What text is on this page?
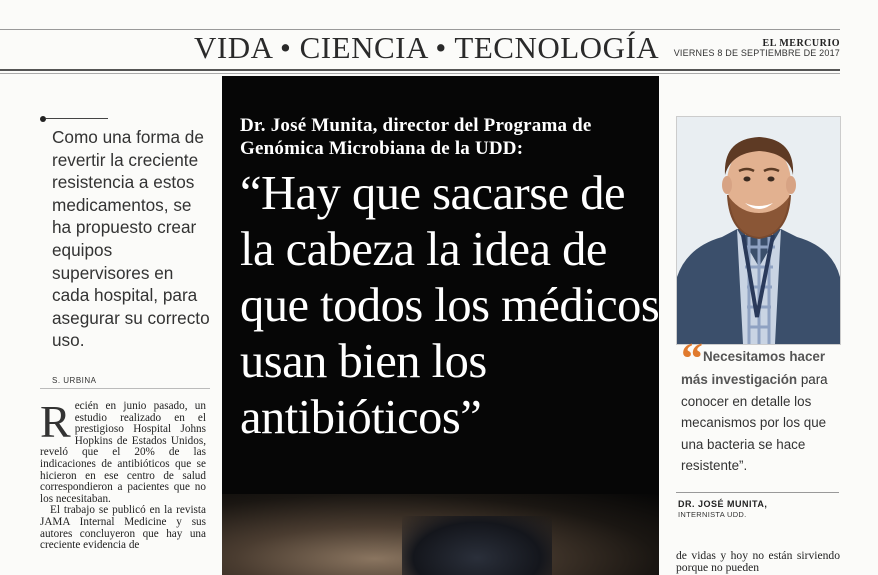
VIDA • CIENCIA • TECNOLOGÍA	EL MERCURIO
VIERNES 8 DE SEPTIEMBRE DE 2017
Como una forma de revertir la creciente resistencia a estos medicamentos, se ha propuesto crear equipos supervisores en cada hospital, para asegurar su correcto uso.
S. URBINA

Recién en junio pasado, un estudio realizado en el prestigioso Hospital Johns Hopkins de Estados Unidos, reveló que el 20% de las indicaciones de antibióticos que se hicieron en ese centro de salud correspondieron a pacientes que no los necesitaban.

El trabajo se publicó en la revista JAMA Internal Medicine y sus autores concluyeron que hay una creciente evidencia de

Dr. José Munita, director del Programa de Genómica Microbiana de la UDD:
“Hay que sacarse de la cabeza la idea de que todos los médicos usan bien los antibióticos”
“ Necesitamos hacer más investigación para conocer en detalle los mecanismos por los que una bacteria se hace resistente”.
DR. JOSÉ MUNITA,
INTERNISTA UDD.

de vidas y hoy no están sirviendo porque no pueden
